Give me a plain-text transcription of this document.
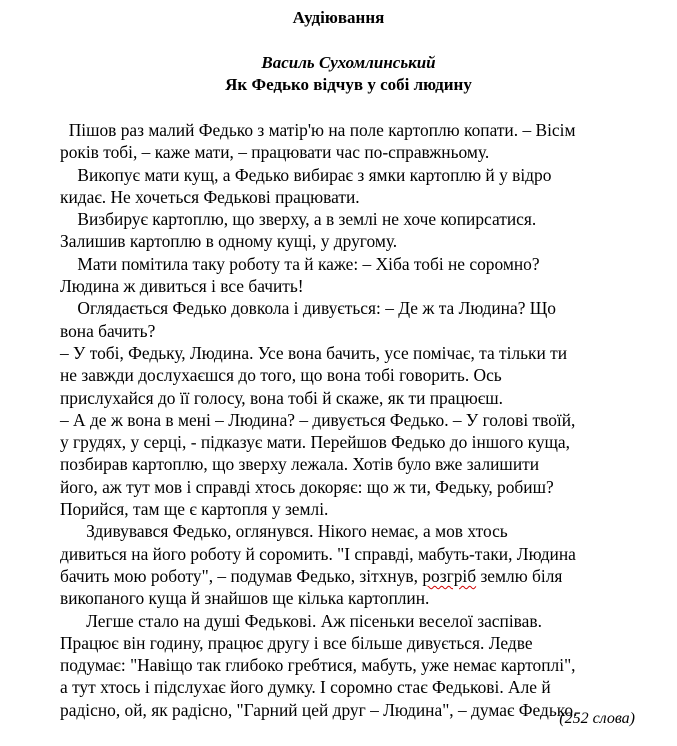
Аудіювання

Василь Сухомлинський

Як Федько відчув у собі людину

Пішов раз малий Федько з матір'ю на поле картоплю копати. – Вісім
років тобі, – каже мати, – працювати час по-справжньому.
Викопує мати кущ, а Федько вибирає з ямки картоплю й у відро
кидає. Не хочеться Федькові працювати.
Визбирує картоплю, що зверху, а в землі не хоче копирсатися.
Залишив картоплю в одному кущі, у другому.
Мати помітила таку роботу та й каже: – Хіба тобі не соромно?
Людина ж дивиться і все бачить!
Оглядається Федько довкола і дивується: – Де ж та Людина? Що
вона бачить?
– У тобі, Федьку, Людина. Усе вона бачить, усе помічає, та тільки ти
не завжди дослухаєшся до того, що вона тобі говорить. Ось
прислухайся до її голосу, вона тобі й скаже, як ти працюєш.
– А де ж вона в мені – Людина? – дивується Федько. – У голові твоїй,
у грудях, у серці, - підказує мати. Перейшов Федько до іншого куща,
позбирав картоплю, що зверху лежала. Хотів було вже залишити
його, аж тут мов і справді хтось докоряє: що ж ти, Федьку, робиш?
Порийся, там ще є картопля у землі.
Здивувався Федько, оглянувся. Нікого немає, а мов хтось
дивиться на його роботу й соромить. "І справді, мабуть-таки, Людина
бачить мою роботу", – подумав Федько, зітхнув, розгріб землю біля
викопаного куща й знайшов ще кілька картоплин.
Легше стало на душі Федькові. Аж пісеньки веселої заспівав.
Працює він годину, працює другу і все більше дивується. Ледве
подумає: "Навіщо так глибоко гребтися, мабуть, уже немає картоплі",
а тут хтось і підслухає його думку. І соромно стає Федькові. Але й
радісно, ой, як радісно, "Гарний цей друг – Людина", – думає Федько.

(252 слова)
